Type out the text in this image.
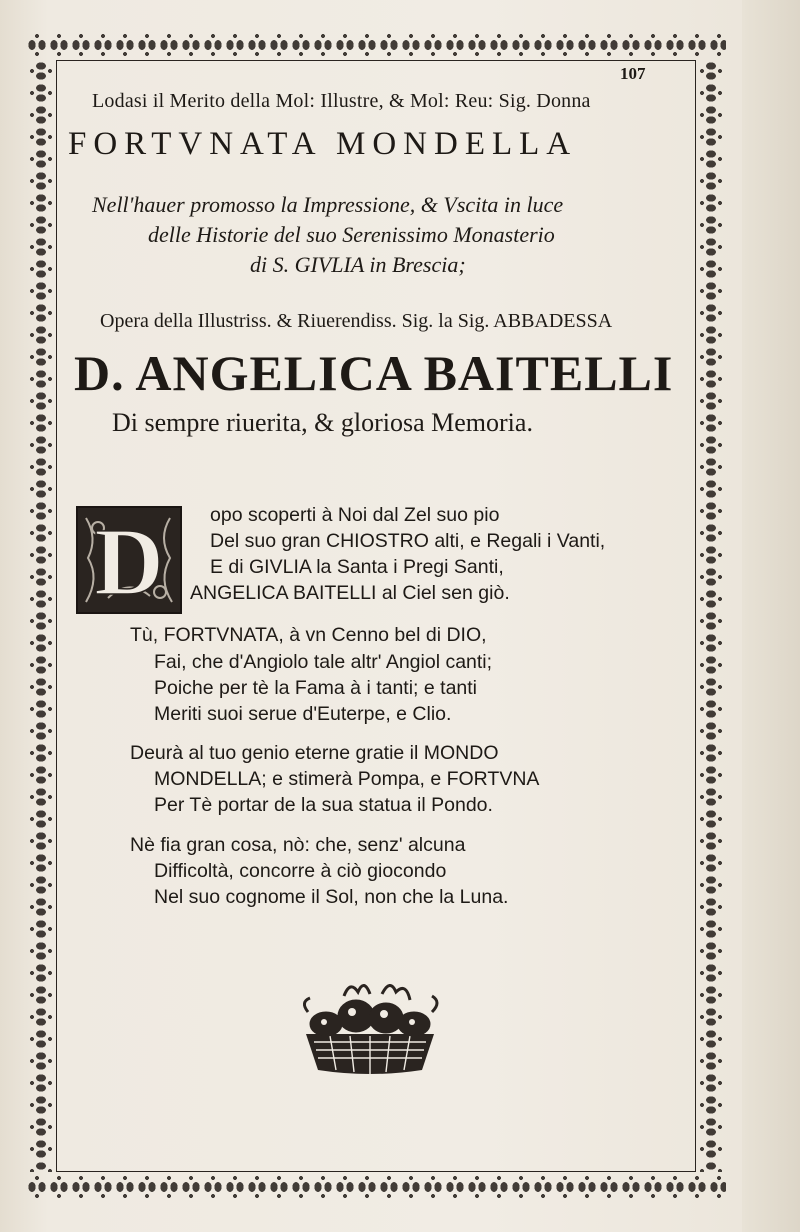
107
Lodasi il Merito della Mol: Illustre, & Mol: Reu: Sig. Donna
FORTVNATA MONDELLA
Nell'hauer promosso la Impressione, & Vscita in luce
delle Historie del suo Serenissimo Monasterio
di S. GIVLIA in Brescia;
Opera della Illustriss. & Riuerendiss. Sig. la Sig. ABBADESSA
D. ANGELICA BAITELLI
Di sempre riuerita, & gloriosa Memoria.
D opo scoperti à Noi dal Zel suo pio
Del suo gran CHIOSTRO alti, e Regali i Vanti,
E di GIVLIA la Santa i Pregi Santi,
ANGELICA BAITELLI al Ciel sen giò.
Tù, FORTVNATA, à vn Cenno bel di DIO,
Fai, che d'Angiolo tale altr' Angiol canti;
Poiche per tè la Fama à i tanti; e tanti
Meriti suoi serue d'Euterpe, e Clio.
Deurà al tuo genio eterne gratie il MONDO
MONDELLA; e stimerà Pompa, e FORTVNA
Per Tè portar de la sua statua il Pondo.
Nè fia gran cosa, nò: che, senz' alcuna
Difficoltà, concorre à ciò giocondo
Nel suo cognome il Sol, non che la Luna.
